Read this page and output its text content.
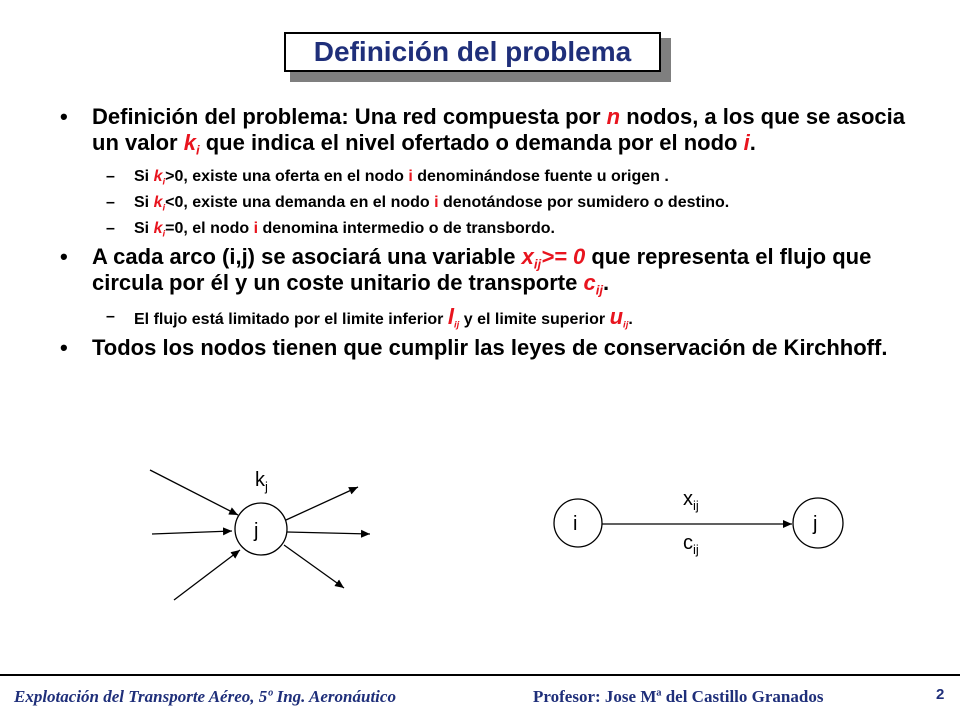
Definición del problema
• Definición del problema: Una red compuesta por n nodos, a los que se asocia un valor $k_i$ que indica el nivel ofertado o demanda por el nodo i.
– Si $k_i>0$, existe una oferta en el nodo i denominándose fuente u origen .
– Si $k_i<0$, existe una demanda en el nodo i denotándose por sumidero o destino.
– Si $k_i=0$, el nodo i denomina intermedio o de transbordo.
• A cada arco (i,j) se asociará una variable $x_{ij}>= 0$ que representa el flujo que circula por él y un coste unitario de transporte $c_{ij}$.
– El flujo está limitado por el limite inferior $l_{ij}$ y el limite superior $u_{ij}$.
• Todos los nodos tienen que cumplir las leyes de conservación de Kirchhoff.
j
$k_j$
i	j
$x_{ij}$
$c_{ij}$
Explotación del Transporte Aéreo, 5º Ing. Aeronáutico	Profesor: Jose Mª del Castillo Granados	2
